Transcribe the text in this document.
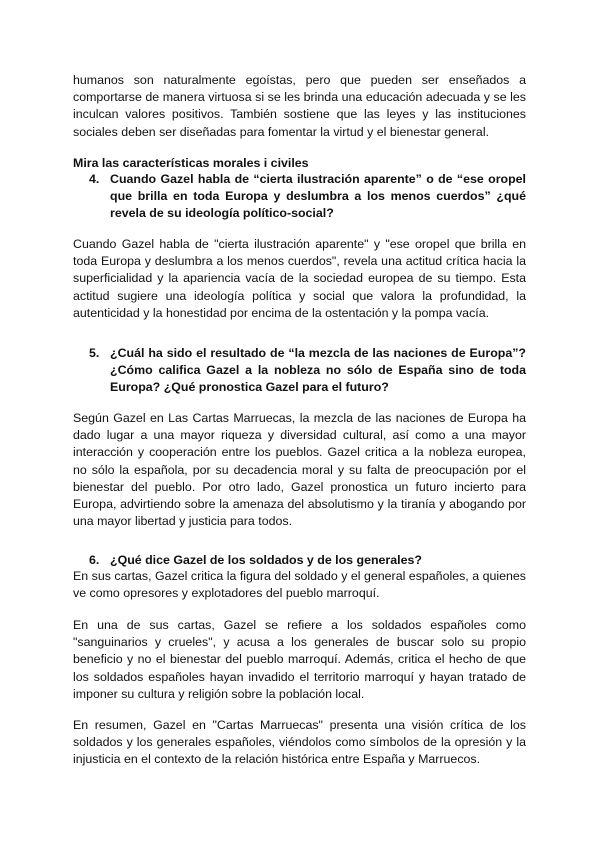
humanos son naturalmente egoístas, pero que pueden ser enseñados a comportarse de manera virtuosa si se les brinda una educación adecuada y se les inculcan valores positivos. También sostiene que las leyes y las instituciones sociales deben ser diseñadas para fomentar la virtud y el bienestar general.

Mira las características morales i civiles
4. Cuando Gazel habla de “cierta ilustración aparente” o de “ese oropel que brilla en toda Europa y deslumbra a los menos cuerdos” ¿qué revela de su ideología político-social?

Cuando Gazel habla de "cierta ilustración aparente" y "ese oropel que brilla en toda Europa y deslumbra a los menos cuerdos", revela una actitud crítica hacia la superficialidad y la apariencia vacía de la sociedad europea de su tiempo. Esta actitud sugiere una ideología política y social que valora la profundidad, la autenticidad y la honestidad por encima de la ostentación y la pompa vacía.

5. ¿Cuál ha sido el resultado de “la mezcla de las naciones de Europa”? ¿Cómo califica Gazel a la nobleza no sólo de España sino de toda Europa? ¿Qué pronostica Gazel para el futuro?

Según Gazel en Las Cartas Marruecas, la mezcla de las naciones de Europa ha dado lugar a una mayor riqueza y diversidad cultural, así como a una mayor interacción y cooperación entre los pueblos. Gazel critica a la nobleza europea, no sólo la española, por su decadencia moral y su falta de preocupación por el bienestar del pueblo. Por otro lado, Gazel pronostica un futuro incierto para Europa, advirtiendo sobre la amenaza del absolutismo y la tiranía y abogando por una mayor libertad y justicia para todos.

6. ¿Qué dice Gazel de los soldados y de los generales?

En sus cartas, Gazel critica la figura del soldado y el general españoles, a quienes ve como opresores y explotadores del pueblo marroquí.

En una de sus cartas, Gazel se refiere a los soldados españoles como "sanguinarios y crueles", y acusa a los generales de buscar solo su propio beneficio y no el bienestar del pueblo marroquí. Además, critica el hecho de que los soldados españoles hayan invadido el territorio marroquí y hayan tratado de imponer su cultura y religión sobre la población local.

En resumen, Gazel en "Cartas Marruecas" presenta una visión crítica de los soldados y los generales españoles, viéndolos como símbolos de la opresión y la injusticia en el contexto de la relación histórica entre España y Marruecos.
